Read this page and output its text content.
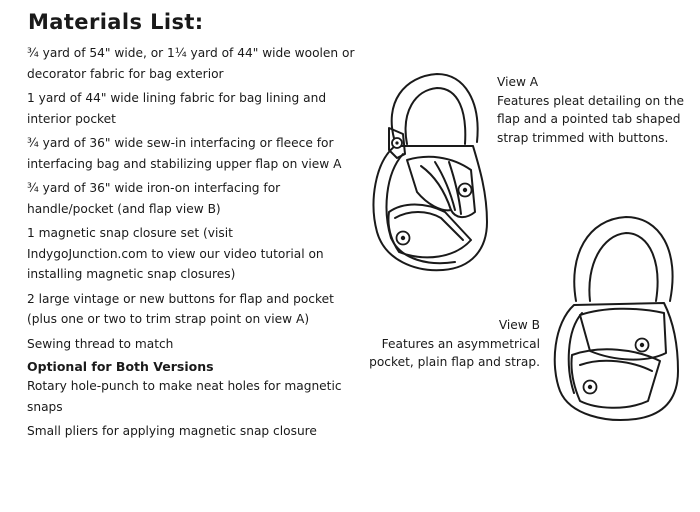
Materials List:
¾ yard of 54" wide, or 1¼ yard of 44" wide woolen or decorator fabric for bag exterior
1 yard of 44" wide lining fabric for bag lining and interior pocket
¾ yard of 36" wide sew-in interfacing or fleece for interfacing bag and stabilizing upper flap on view A
¾ yard of 36" wide iron-on interfacing for handle/pocket (and flap view B)
1 magnetic snap closure set (visit IndygoJunction.com to view our video tutorial on installing magnetic snap closures)
2 large vintage or new buttons for flap and pocket (plus one or two to trim strap point on view A)
Sewing thread to match
Optional for Both Versions
Rotary hole-punch to make neat holes for magnetic snaps
Small pliers for applying magnetic snap closure
View A
Features pleat detailing on the flap and a pointed tab shaped strap trimmed with buttons.
View B
Features an asymmetrical pocket, plain flap and strap.
